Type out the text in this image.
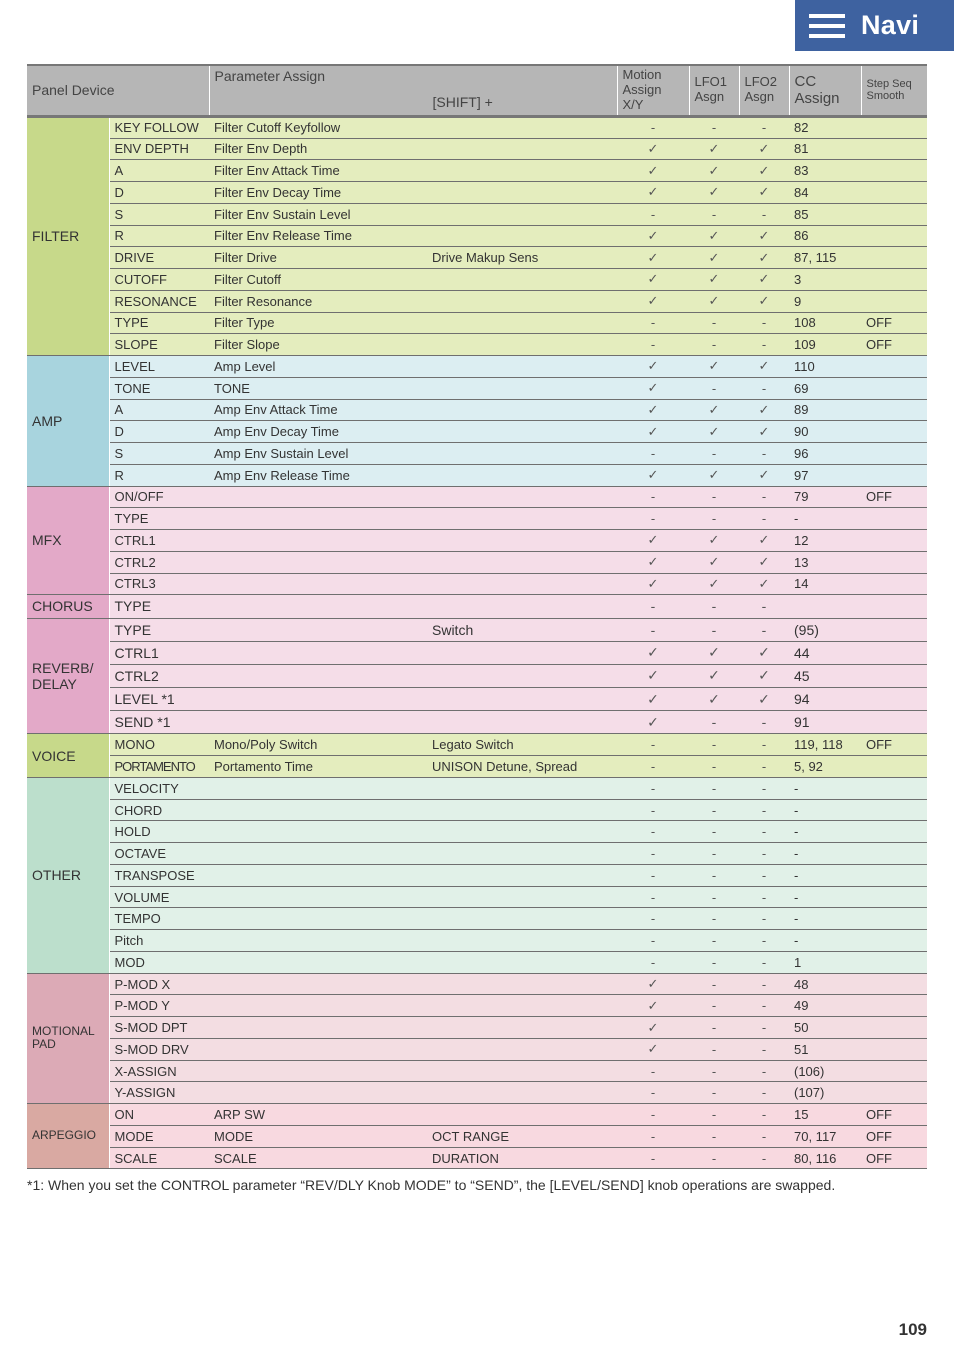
Navi
Panel Device		Parameter Assign
[SHIFT] +		Motion Assign X/Y	LFO1 Asgn	LFO2 Asgn	CC Assign	Step Seq Smooth
FILTER	KEY FOLLOW	Filter Cutoff Keyfollow		-	-	-	82	
	ENV DEPTH	Filter Env Depth		✓	✓	✓	81	
	A	Filter Env Attack Time		✓	✓	✓	83	
	D	Filter Env Decay Time		✓	✓	✓	84	
	S	Filter Env Sustain Level		-	-	-	85	
	R	Filter Env Release Time		✓	✓	✓	86	
	DRIVE	Filter Drive	Drive Makup Sens	✓	✓	✓	87, 115	
	CUTOFF	Filter Cutoff		✓	✓	✓	3	
	RESONANCE	Filter Resonance		✓	✓	✓	9	
	TYPE	Filter Type		-	-	-	108	OFF
	SLOPE	Filter Slope		-	-	-	109	OFF
AMP	LEVEL	Amp Level		✓	✓	✓	110	
	TONE	TONE		✓	-	-	69	
	A	Amp Env Attack Time		✓	✓	✓	89	
	D	Amp Env Decay Time		✓	✓	✓	90	
	S	Amp Env Sustain Level		-	-	-	96	
	R	Amp Env Release Time		✓	✓	✓	97	
MFX	ON/OFF			-	-	-	79	OFF
	TYPE			-	-	-	-	
	CTRL1			✓	✓	✓	12	
	CTRL2			✓	✓	✓	13	
	CTRL3			✓	✓	✓	14	
CHORUS	TYPE			-	-	-		
REVERB/ DELAY	TYPE		Switch	-	-	-	(95)	
	CTRL1			✓	✓	✓	44	
	CTRL2			✓	✓	✓	45	
	LEVEL *1			✓	✓	✓	94	
	SEND *1			✓	-	-	91	
VOICE	MONO	Mono/Poly Switch	Legato Switch	-	-	-	119, 118	OFF
	PORTAMENTO	Portamento Time	UNISON Detune, Spread	-	-	-	5, 92	
OTHER	VELOCITY			-	-	-	-	
	CHORD			-	-	-	-	
	HOLD			-	-	-	-	
	OCTAVE			-	-	-	-	
	TRANSPOSE			-	-	-	-	
	VOLUME			-	-	-	-	
	TEMPO			-	-	-	-	
	Pitch			-	-	-	-	
	MOD			-	-	-	1	
MOTIONAL PAD	P-MOD X			✓	-	-	48	
	P-MOD Y			✓	-	-	49	
	S-MOD DPT			✓	-	-	50	
	S-MOD DRV			✓	-	-	51	
	X-ASSIGN			-	-	-	(106)	
	Y-ASSIGN			-	-	-	(107)	
ARPEGGIO	ON	ARP SW		-	-	-	15	OFF
	MODE	MODE	OCT RANGE	-	-	-	70, 117	OFF
	SCALE	SCALE	DURATION	-	-	-	80, 116	OFF
*1: When you set the CONTROL parameter “REV/DLY Knob MODE” to “SEND”, the [LEVEL/SEND] knob operations are swapped.
109
